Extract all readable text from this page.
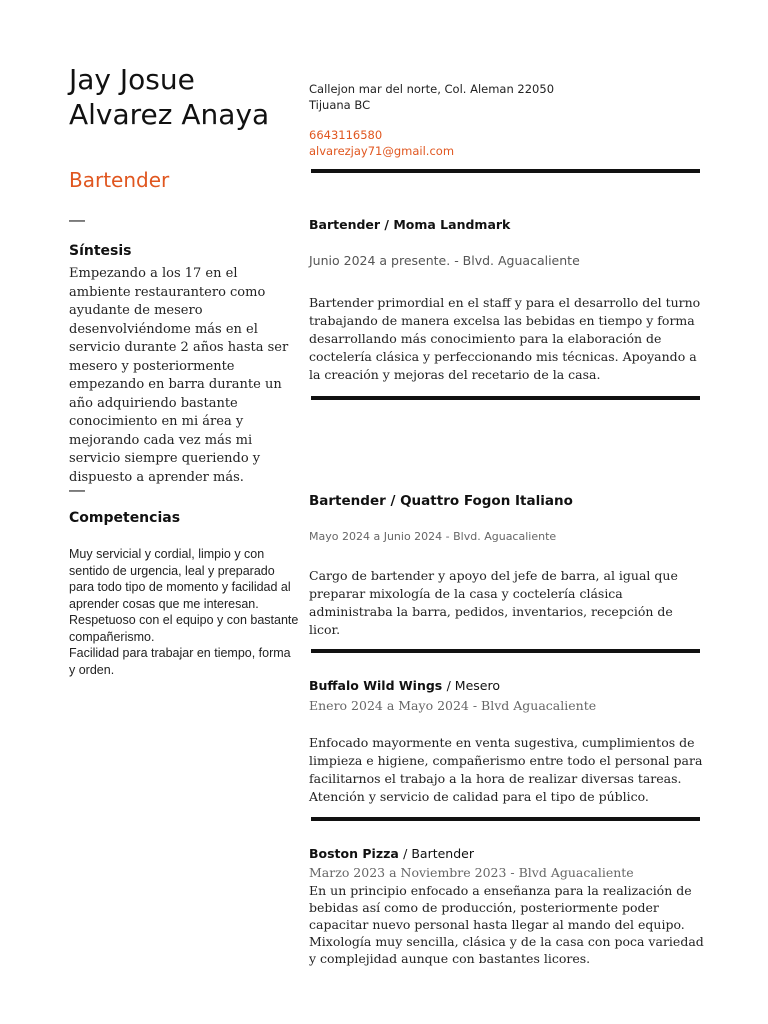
Jay Josue
Alvarez Anaya
Bartender
—
Síntesis
Empezando a los 17 en el ambiente restaurantero como ayudante de mesero desenvolviéndome más en el servicio durante 2 años hasta ser mesero y posteriormente empezando en barra durante un año adquiriendo bastante conocimiento en mi área y mejorando cada vez más mi servicio siempre queriendo y dispuesto a aprender más.
—
Competencias
Muy servicial y cordial, limpio y con sentido de urgencia, leal y preparado para todo tipo de momento y facilidad al aprender cosas que me interesan.
Respetuoso con el equipo y con bastante compañerismo.
Facilidad para trabajar en tiempo, forma y orden.
Callejon mar del norte, Col. Aleman 22050
Tijuana BC
6643116580
alvarezjay71@gmail.com
Bartender / Moma Landmark
Junio 2024 a presente. - Blvd. Aguacaliente
Bartender primordial en el staff y para el desarrollo del turno trabajando de manera excelsa las bebidas en tiempo y forma desarrollando más conocimiento para la elaboración de coctelería clásica y perfeccionando mis técnicas. Apoyando a la creación y mejoras del recetario de la casa.
Bartender / Quattro Fogon Italiano
Mayo 2024 a Junio 2024 - Blvd. Aguacaliente
Cargo de bartender y apoyo del jefe de barra, al igual que preparar mixología de la casa y coctelería clásica administraba la barra, pedidos, inventarios, recepción de licor.
Buffalo Wild Wings / Mesero
Enero 2024 a Mayo 2024 - Blvd Aguacaliente
Enfocado mayormente en venta sugestiva, cumplimientos de limpieza e higiene, compañerismo entre todo el personal para facilitarnos el trabajo a la hora de realizar diversas tareas. Atención y servicio de calidad para el tipo de público.
Boston Pizza / Bartender
Marzo 2023 a Noviembre 2023 - Blvd Aguacaliente
En un principio enfocado a enseñanza para la realización de bebidas así como de producción, posteriormente poder capacitar nuevo personal hasta llegar al mando del equipo.
Mixología muy sencilla, clásica y de la casa con poca variedad y complejidad aunque con bastantes licores.
